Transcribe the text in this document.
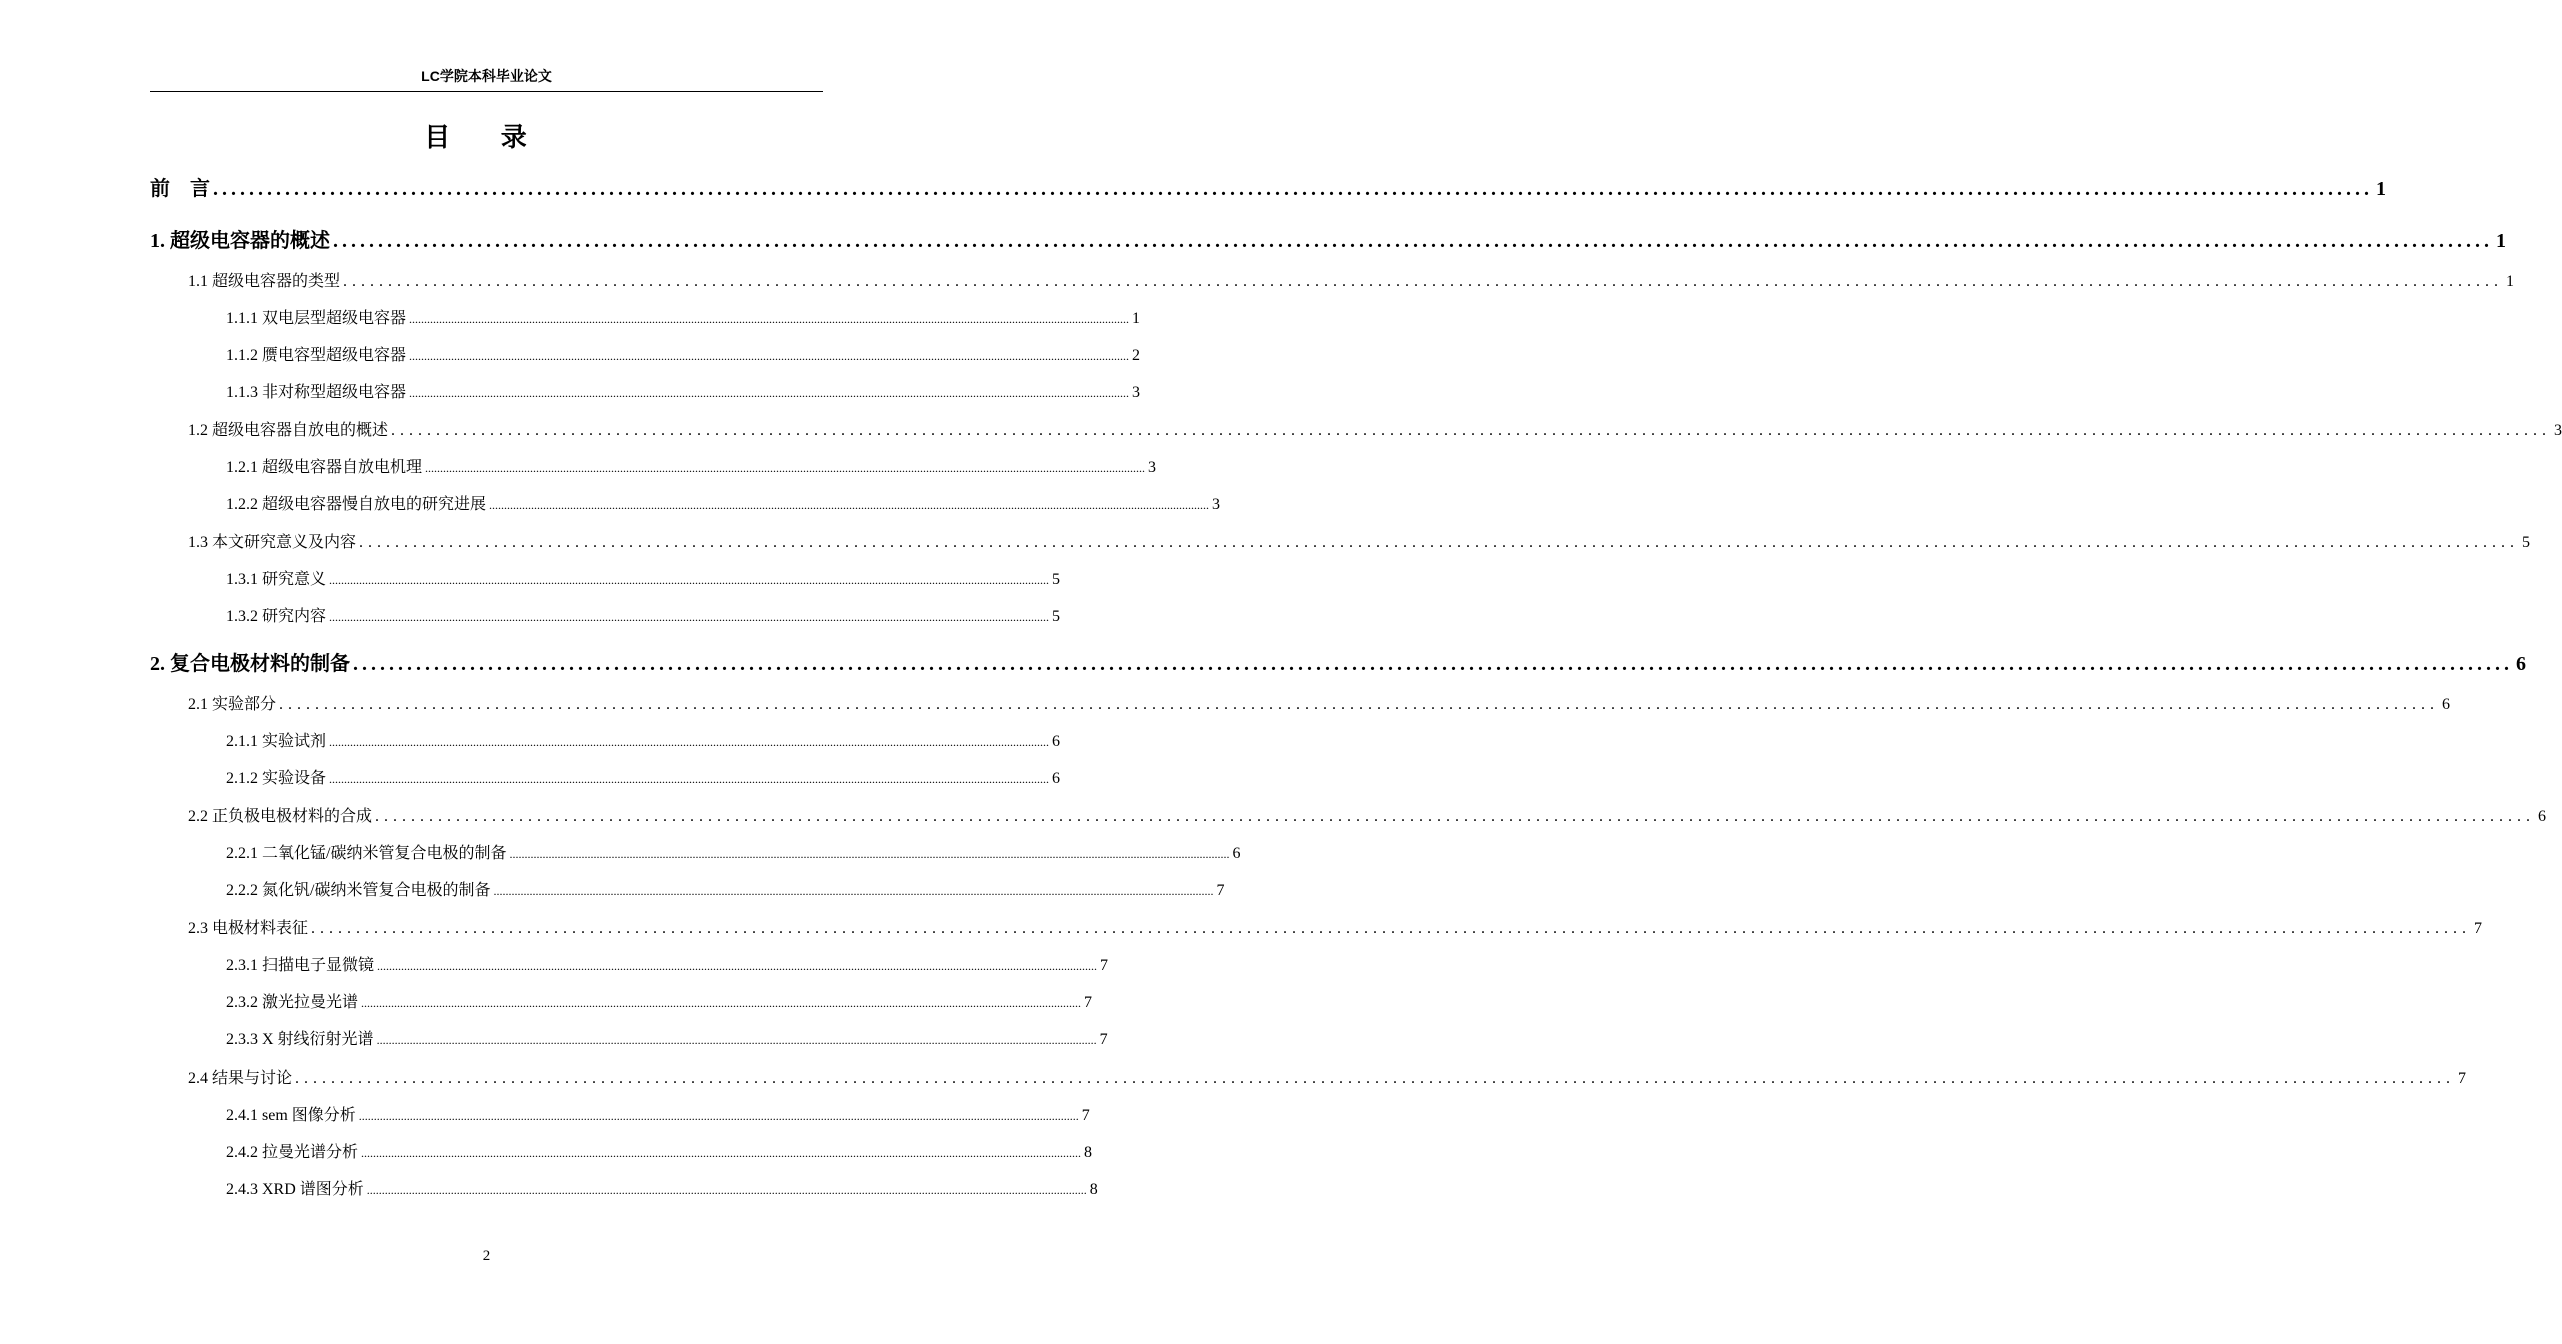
LC学院本科毕业论文
目 录
前　言 ................................................................................................................................................................................................................................................ 1
1. 超级电容器的概述 ................................................................................................................................................................................................................................................ 1
1.1 超级电容器的类型 ................................................................................................................................................................................................................................................ 1
1.1.1 双电层型超级电容器 ................................................................................................................................................................................................................................................ 1
1.1.2 赝电容型超级电容器 ................................................................................................................................................................................................................................................ 2
1.1.3 非对称型超级电容器 ................................................................................................................................................................................................................................................ 3
1.2 超级电容器自放电的概述 ................................................................................................................................................................................................................................................ 3
1.2.1 超级电容器自放电机理 ................................................................................................................................................................................................................................................ 3
1.2.2 超级电容器慢自放电的研究进展 ................................................................................................................................................................................................................................................ 3
1.3 本文研究意义及内容 ................................................................................................................................................................................................................................................ 5
1.3.1 研究意义 ................................................................................................................................................................................................................................................ 5
1.3.2 研究内容 ................................................................................................................................................................................................................................................ 5
2. 复合电极材料的制备 ................................................................................................................................................................................................................................................ 6
2.1 实验部分 ................................................................................................................................................................................................................................................ 6
2.1.1 实验试剂 ................................................................................................................................................................................................................................................ 6
2.1.2 实验设备 ................................................................................................................................................................................................................................................ 6
2.2 正负极电极材料的合成 ................................................................................................................................................................................................................................................ 6
2.2.1 二氧化锰/碳纳米管复合电极的制备 ................................................................................................................................................................................................................................................ 6
2.2.2 氮化钒/碳纳米管复合电极的制备 ................................................................................................................................................................................................................................................ 7
2.3 电极材料表征 ................................................................................................................................................................................................................................................ 7
2.3.1 扫描电子显微镜 ................................................................................................................................................................................................................................................ 7
2.3.2 激光拉曼光谱 ................................................................................................................................................................................................................................................ 7
2.3.3 X 射线衍射光谱 ................................................................................................................................................................................................................................................ 7
2.4 结果与讨论 ................................................................................................................................................................................................................................................ 7
2.4.1 sem 图像分析 ................................................................................................................................................................................................................................................ 7
2.4.2 拉曼光谱分析 ................................................................................................................................................................................................................................................ 8
2.4.3 XRD 谱图分析 ................................................................................................................................................................................................................................................ 8
2
